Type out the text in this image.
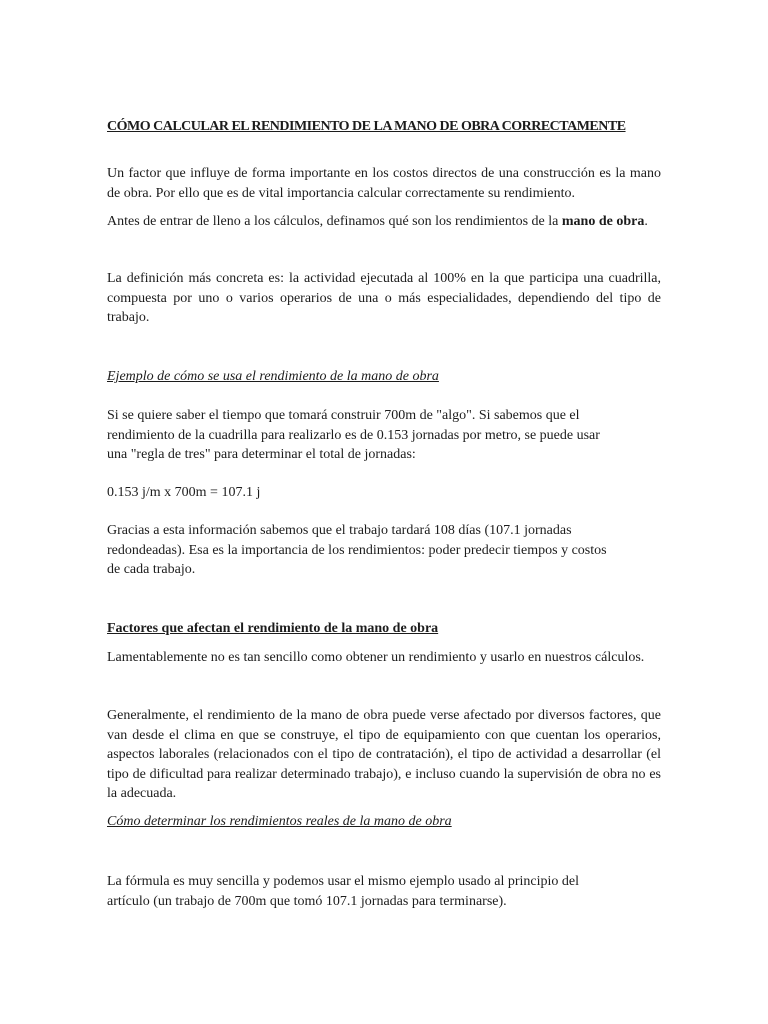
CÓMO CALCULAR EL RENDIMIENTO DE LA MANO DE OBRA CORRECTAMENTE

Un factor que influye de forma importante en los costos directos de una construcción es la mano de obra. Por ello que es de vital importancia calcular correctamente su rendimiento.

Antes de entrar de lleno a los cálculos, definamos qué son los rendimientos de la mano de obra.

La definición más concreta es: la actividad ejecutada al 100% en la que participa una cuadrilla, compuesta por uno o varios operarios de una o más especialidades, dependiendo del tipo de trabajo.

Ejemplo de cómo se usa el rendimiento de la mano de obra

Si se quiere saber el tiempo que tomará construir 700m de "algo". Si sabemos que el
rendimiento de la cuadrilla para realizarlo es de 0.153 jornadas por metro, se puede usar
una "regla de tres" para determinar el total de jornadas:

0.153 j/m x 700m = 107.1 j

Gracias a esta información sabemos que el trabajo tardará 108 días (107.1 jornadas
redondeadas). Esa es la importancia de los rendimientos: poder predecir tiempos y costos
de cada trabajo.

Factores que afectan el rendimiento de la mano de obra

Lamentablemente no es tan sencillo como obtener un rendimiento y usarlo en nuestros cálculos.

Generalmente, el rendimiento de la mano de obra puede verse afectado por diversos factores, que van desde el clima en que se construye, el tipo de equipamiento con que cuentan los operarios, aspectos laborales (relacionados con el tipo de contratación), el tipo de actividad a desarrollar (el tipo de dificultad para realizar determinado trabajo), e incluso cuando la supervisión de obra no es la adecuada.

Cómo determinar los rendimientos reales de la mano de obra

La fórmula es muy sencilla y podemos usar el mismo ejemplo usado al principio del
artículo (un trabajo de 700m que tomó 107.1 jornadas para terminarse).
